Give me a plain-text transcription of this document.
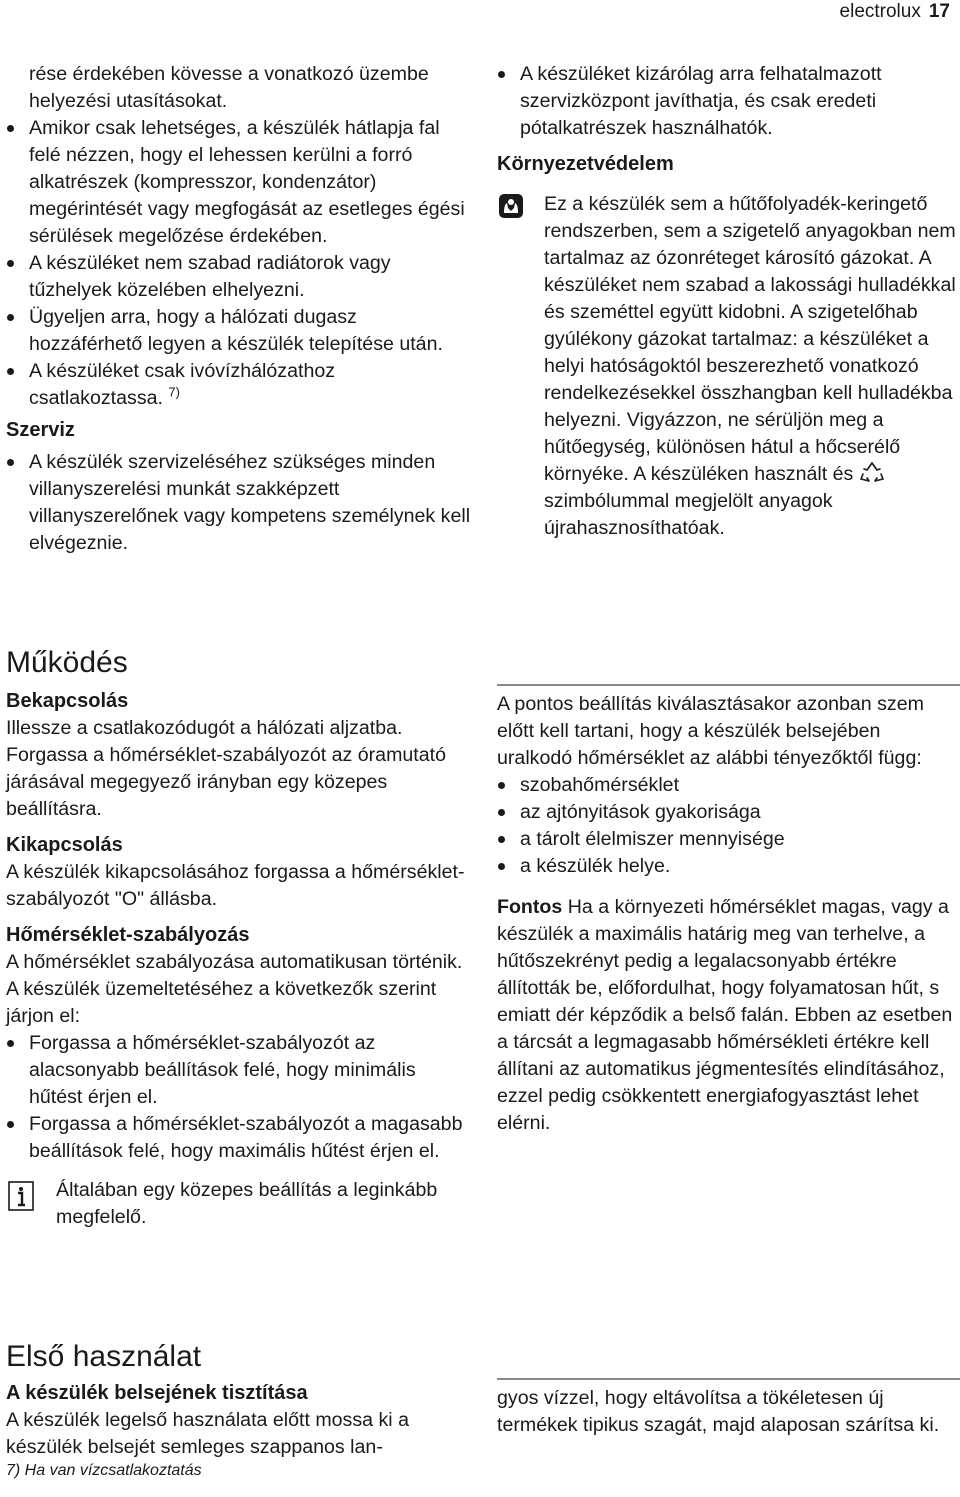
electrolux 17

rése érdekében kövesse a vonatkozó üzembe helyezési utasításokat.

Amikor csak lehetséges, a készülék hátlapja fal felé nézzen, hogy el lehessen kerülni a forró alkatrészek (kompresszor, kondenzátor) megérintését vagy megfogását az esetleges égési sérülések megelőzése érdekében.
A készüléket nem szabad radiátorok vagy tűzhelyek közelében elhelyezni.
Ügyeljen arra, hogy a hálózati dugasz hozzáférhető legyen a készülék telepítése után.
A készüléket csak ivóvízhálózathoz csatlakoztassa. $^{7)}$
Szerviz
A készülék szervizeléséhez szükséges minden villanyszerelési munkát szakképzett villanyszerelőnek vagy kompetens személynek kell elvégeznie.
A készüléket kizárólag arra felhatalmazott szervizközpont javíthatja, és csak eredeti pótalkatrészek használhatók.
Környezetvédelem

Ez a készülék sem a hűtőfolyadék-keringető rendszerben, sem a szigetelő anyagokban nem tartalmaz az ózonréteget károsító gázokat. A készüléket nem szabad a lakossági hulladékkal és szeméttel együtt kidobni. A szigetelőhab gyúlékony gázokat tartalmaz: a készüléket a helyi hatóságoktól beszerezhető vonatkozó rendelkezésekkel összhangban kell hulladékba helyezni. Vigyázzon, ne sérüljön meg a hűtőegység, különösen hátul a hőcserélő környéke. A készüléken használt és  szimbólummal megjelölt anyagok újrahasznosíthatóak.

Működés
Bekapcsolás

Illessze a csatlakozódugót a hálózati aljzatba. Forgassa a hőmérséklet-szabályozót az óramutató járásával megegyező irányban egy közepes beállításra.

Kikapcsolás

A készülék kikapcsolásához forgassa a hőmérséklet-szabályozót "O" állásba.

Hőmérséklet-szabályozás

A hőmérséklet szabályozása automatikusan történik.

A készülék üzemeltetéséhez a következők szerint járjon el:

Forgassa a hőmérséklet-szabályozót az alacsonyabb beállítások felé, hogy minimális hűtést érjen el.
Forgassa a hőmérséklet-szabályozót a magasabb beállítások felé, hogy maximális hűtést érjen el.

Általában egy közepes beállítás a leginkább megfelelő.

A pontos beállítás kiválasztásakor azonban szem előtt kell tartani, hogy a készülék belsejében uralkodó hőmérséklet az alábbi tényezőktől függ:

szobahőmérséklet
az ajtónyitások gyakorisága
a tárolt élelmiszer mennyisége
a készülék helye.

Fontos Ha a környezeti hőmérséklet magas, vagy a készülék a maximális határig meg van terhelve, a hűtőszekrényt pedig a legalacsonyabb értékre állították be, előfordulhat, hogy folyamatosan hűt, s emiatt dér képződik a belső falán. Ebben az esetben a tárcsát a legmagasabb hőmérsékleti értékre kell állítani az automatikus jégmentesítés elindításához, ezzel pedig csökkentett energiafogyasztást lehet elérni.

Első használat
A készülék belsejének tisztítása

A készülék legelső használata előtt mossa ki a készülék belsejét semleges szappanos lan-

7) Ha van vízcsatlakoztatás

gyos vízzel, hogy eltávolítsa a tökéletesen új termékek tipikus szagát, majd alaposan szárítsa ki.
